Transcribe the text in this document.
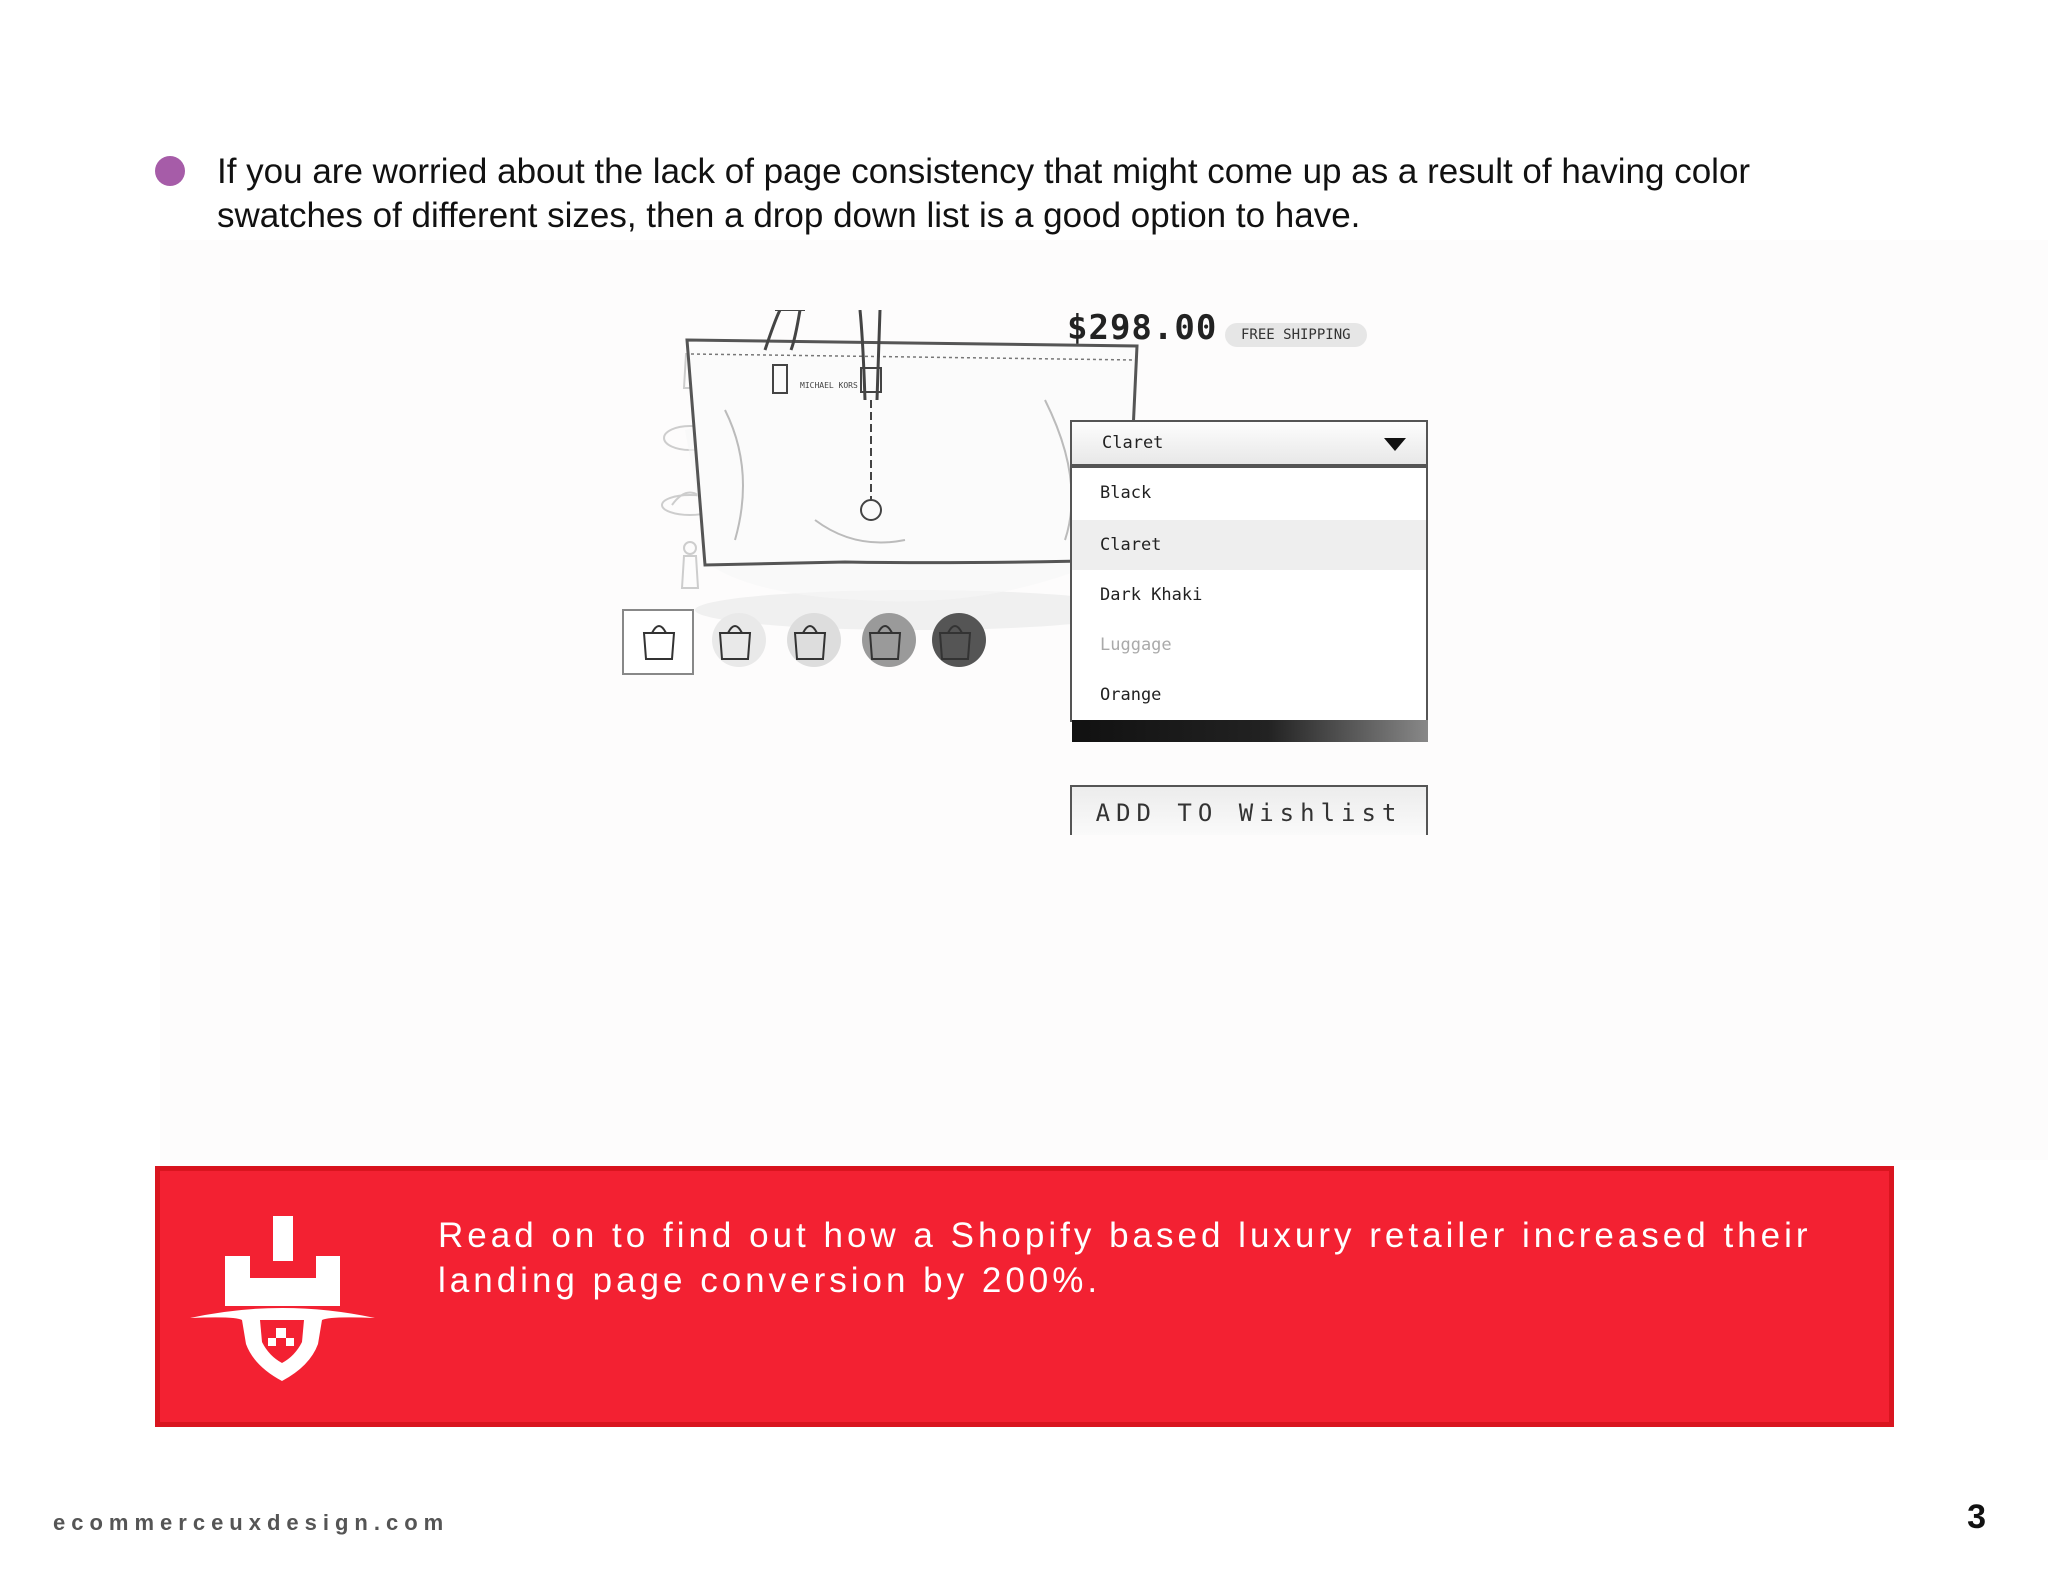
If you are worried about the lack of page consistency that might come up as a result of having color swatches of different sizes, then a drop down list is a good option to have.
MICHAEL KORS
$298.00	FREE SHIPPING
Claret
Black
Claret
Dark Khaki
Luggage
Orange
ADD TO Wishlist
Read on to find out how a Shopify based luxury retailer increased their landing page conversion by 200%.
ecommerceuxdesign.com	3
